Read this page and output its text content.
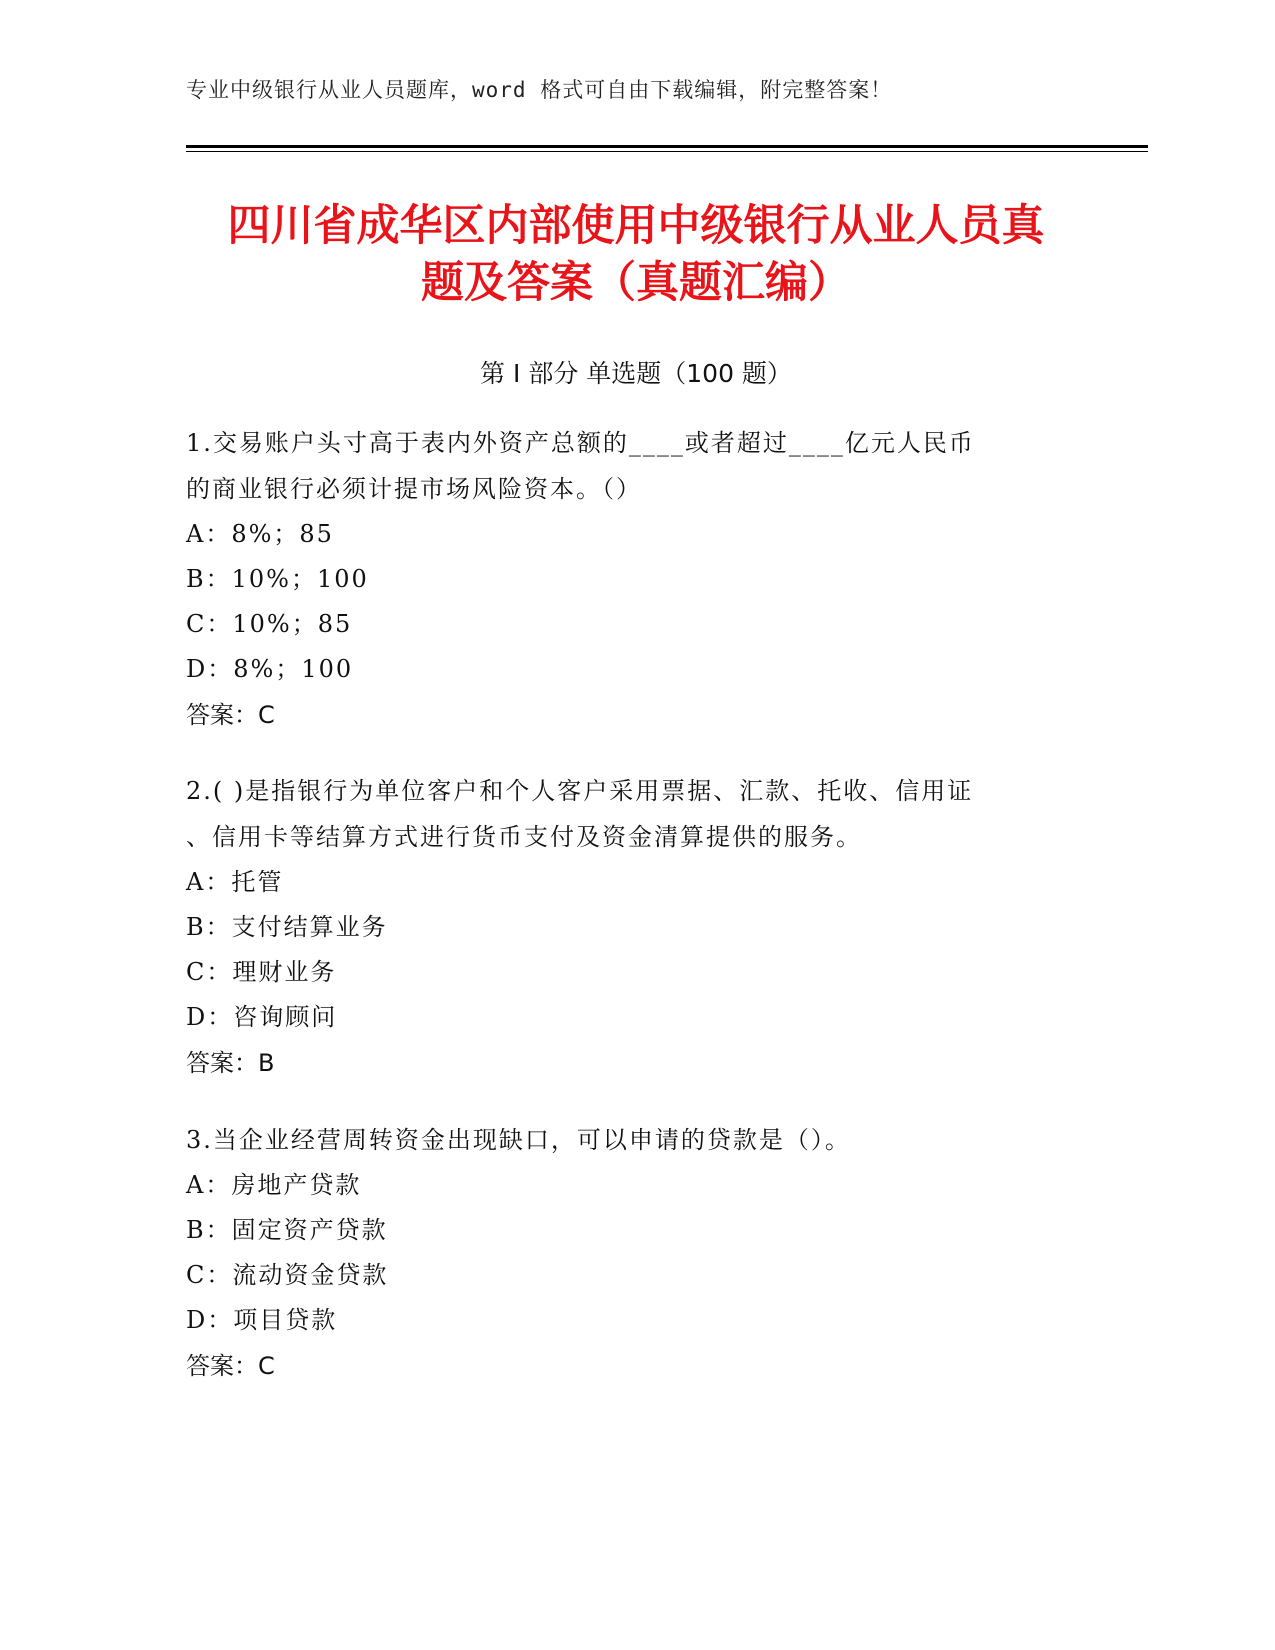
专业中级银行从业人员题库，word 格式可自由下载编辑，附完整答案！
四川省成华区内部使用中级银行从业人员真
题及答案（真题汇编）
第 I 部分 单选题（100 题）

1.交易账户头寸高于表内外资产总额的____或者超过____亿元人民币

的商业银行必须计提市场风险资本。（）

A：8%；85

B：10%；100

C：10%；85

D：8%；100

答案：C

2.( )是指银行为单位客户和个人客户采用票据、汇款、托收、信用证

、信用卡等结算方式进行货币支付及资金清算提供的服务。

A：托管

B：支付结算业务

C：理财业务

D：咨询顾问

答案：B

3.当企业经营周转资金出现缺口，可以申请的贷款是（）。

A：房地产贷款

B：固定资产贷款

C：流动资金贷款

D：项目贷款

答案：C
